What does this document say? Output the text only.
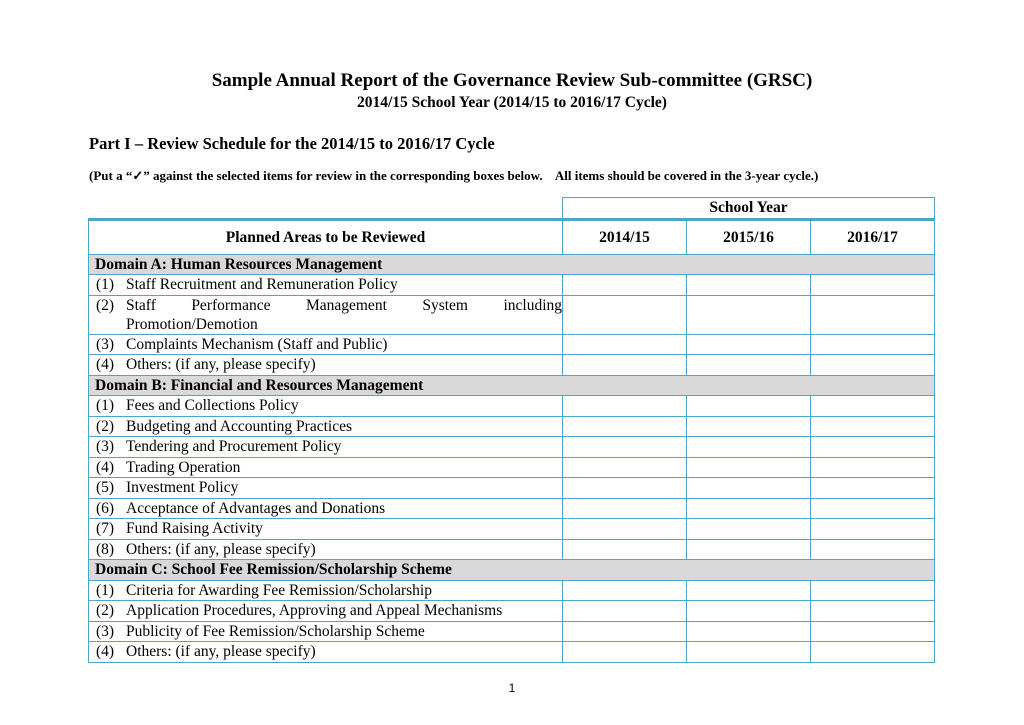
Sample Annual Report of the Governance Review Sub-committee (GRSC)
2014/15 School Year (2014/15 to 2016/17 Cycle)
Part I – Review Schedule for the 2014/15 to 2016/17 Cycle
(Put a “✓” against the selected items for review in the corresponding boxes below.    All items should be covered in the 3-year cycle.)
	School Year		
Planned Areas to be Reviewed	2014/15	2015/16	2016/17
Domain A: Human Resources Management			

(1) Staff Recruitment and Remuneration Policy			

(2) Staff Performance Management System including Promotion/Demotion			

(3) Complaints Mechanism (Staff and Public)			

(4) Others: (if any, please specify)			

Domain B: Financial and Resources Management			

(1) Fees and Collections Policy			

(2) Budgeting and Accounting Practices			

(3) Tendering and Procurement Policy			

(4) Trading Operation			

(5) Investment Policy			

(6) Acceptance of Advantages and Donations			

(7) Fund Raising Activity			

(8) Others: (if any, please specify)			

Domain C: School Fee Remission/Scholarship Scheme			

(1) Criteria for Awarding Fee Remission/Scholarship			

(2) Application Procedures, Approving and Appeal Mechanisms			

(3) Publicity of Fee Remission/Scholarship Scheme			

(4) Others: (if any, please specify)			

1
